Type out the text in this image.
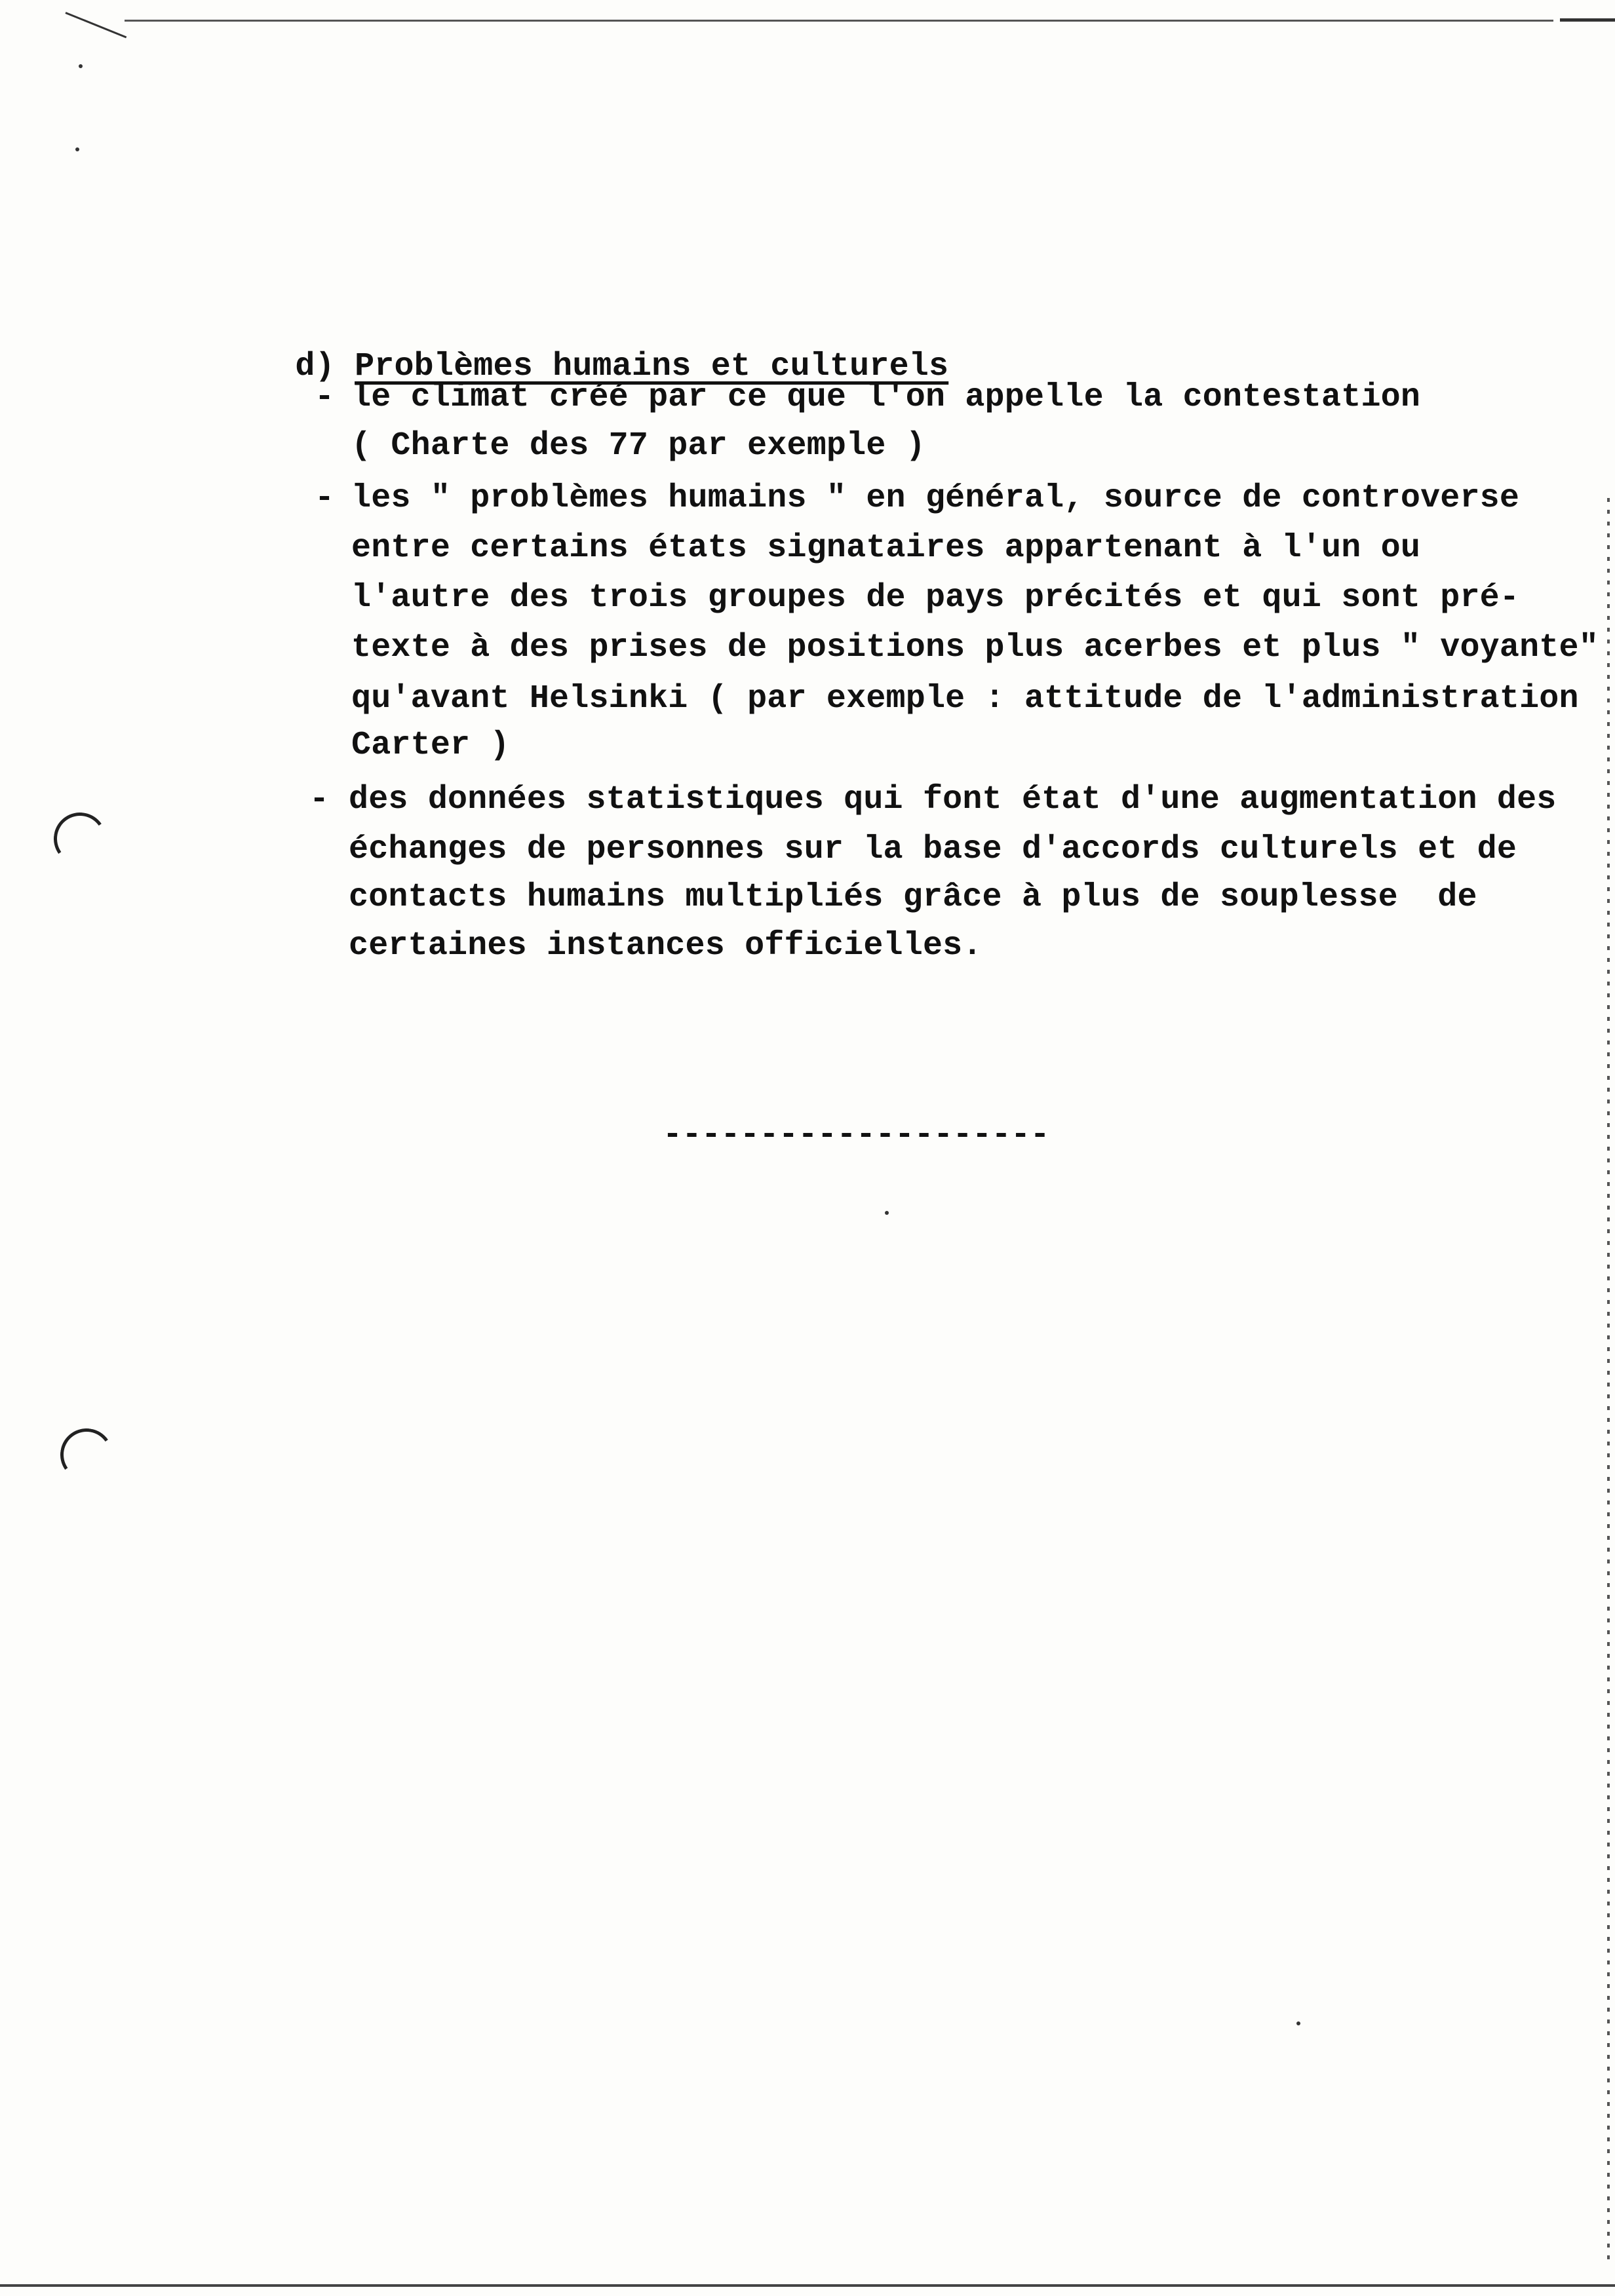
d) Problèmes humains et culturels

- le climat créé par ce que l'on appelle la contestation
( Charte des 77 par exemple )
- les " problèmes humains " en général, source de controverse
entre certains états signataires appartenant à l'un ou
l'autre des trois groupes de pays précités et qui sont pré-
texte à des prises de positions plus acerbes et plus " voyante"
qu'avant Helsinki ( par exemple : attitude de l'administration
Carter )
- des données statistiques qui font état d'une augmentation des
échanges de personnes sur la base d'accords culturels et de
contacts humains multipliés grâce à plus de souplesse  de
certaines instances officielles.
--------------------
